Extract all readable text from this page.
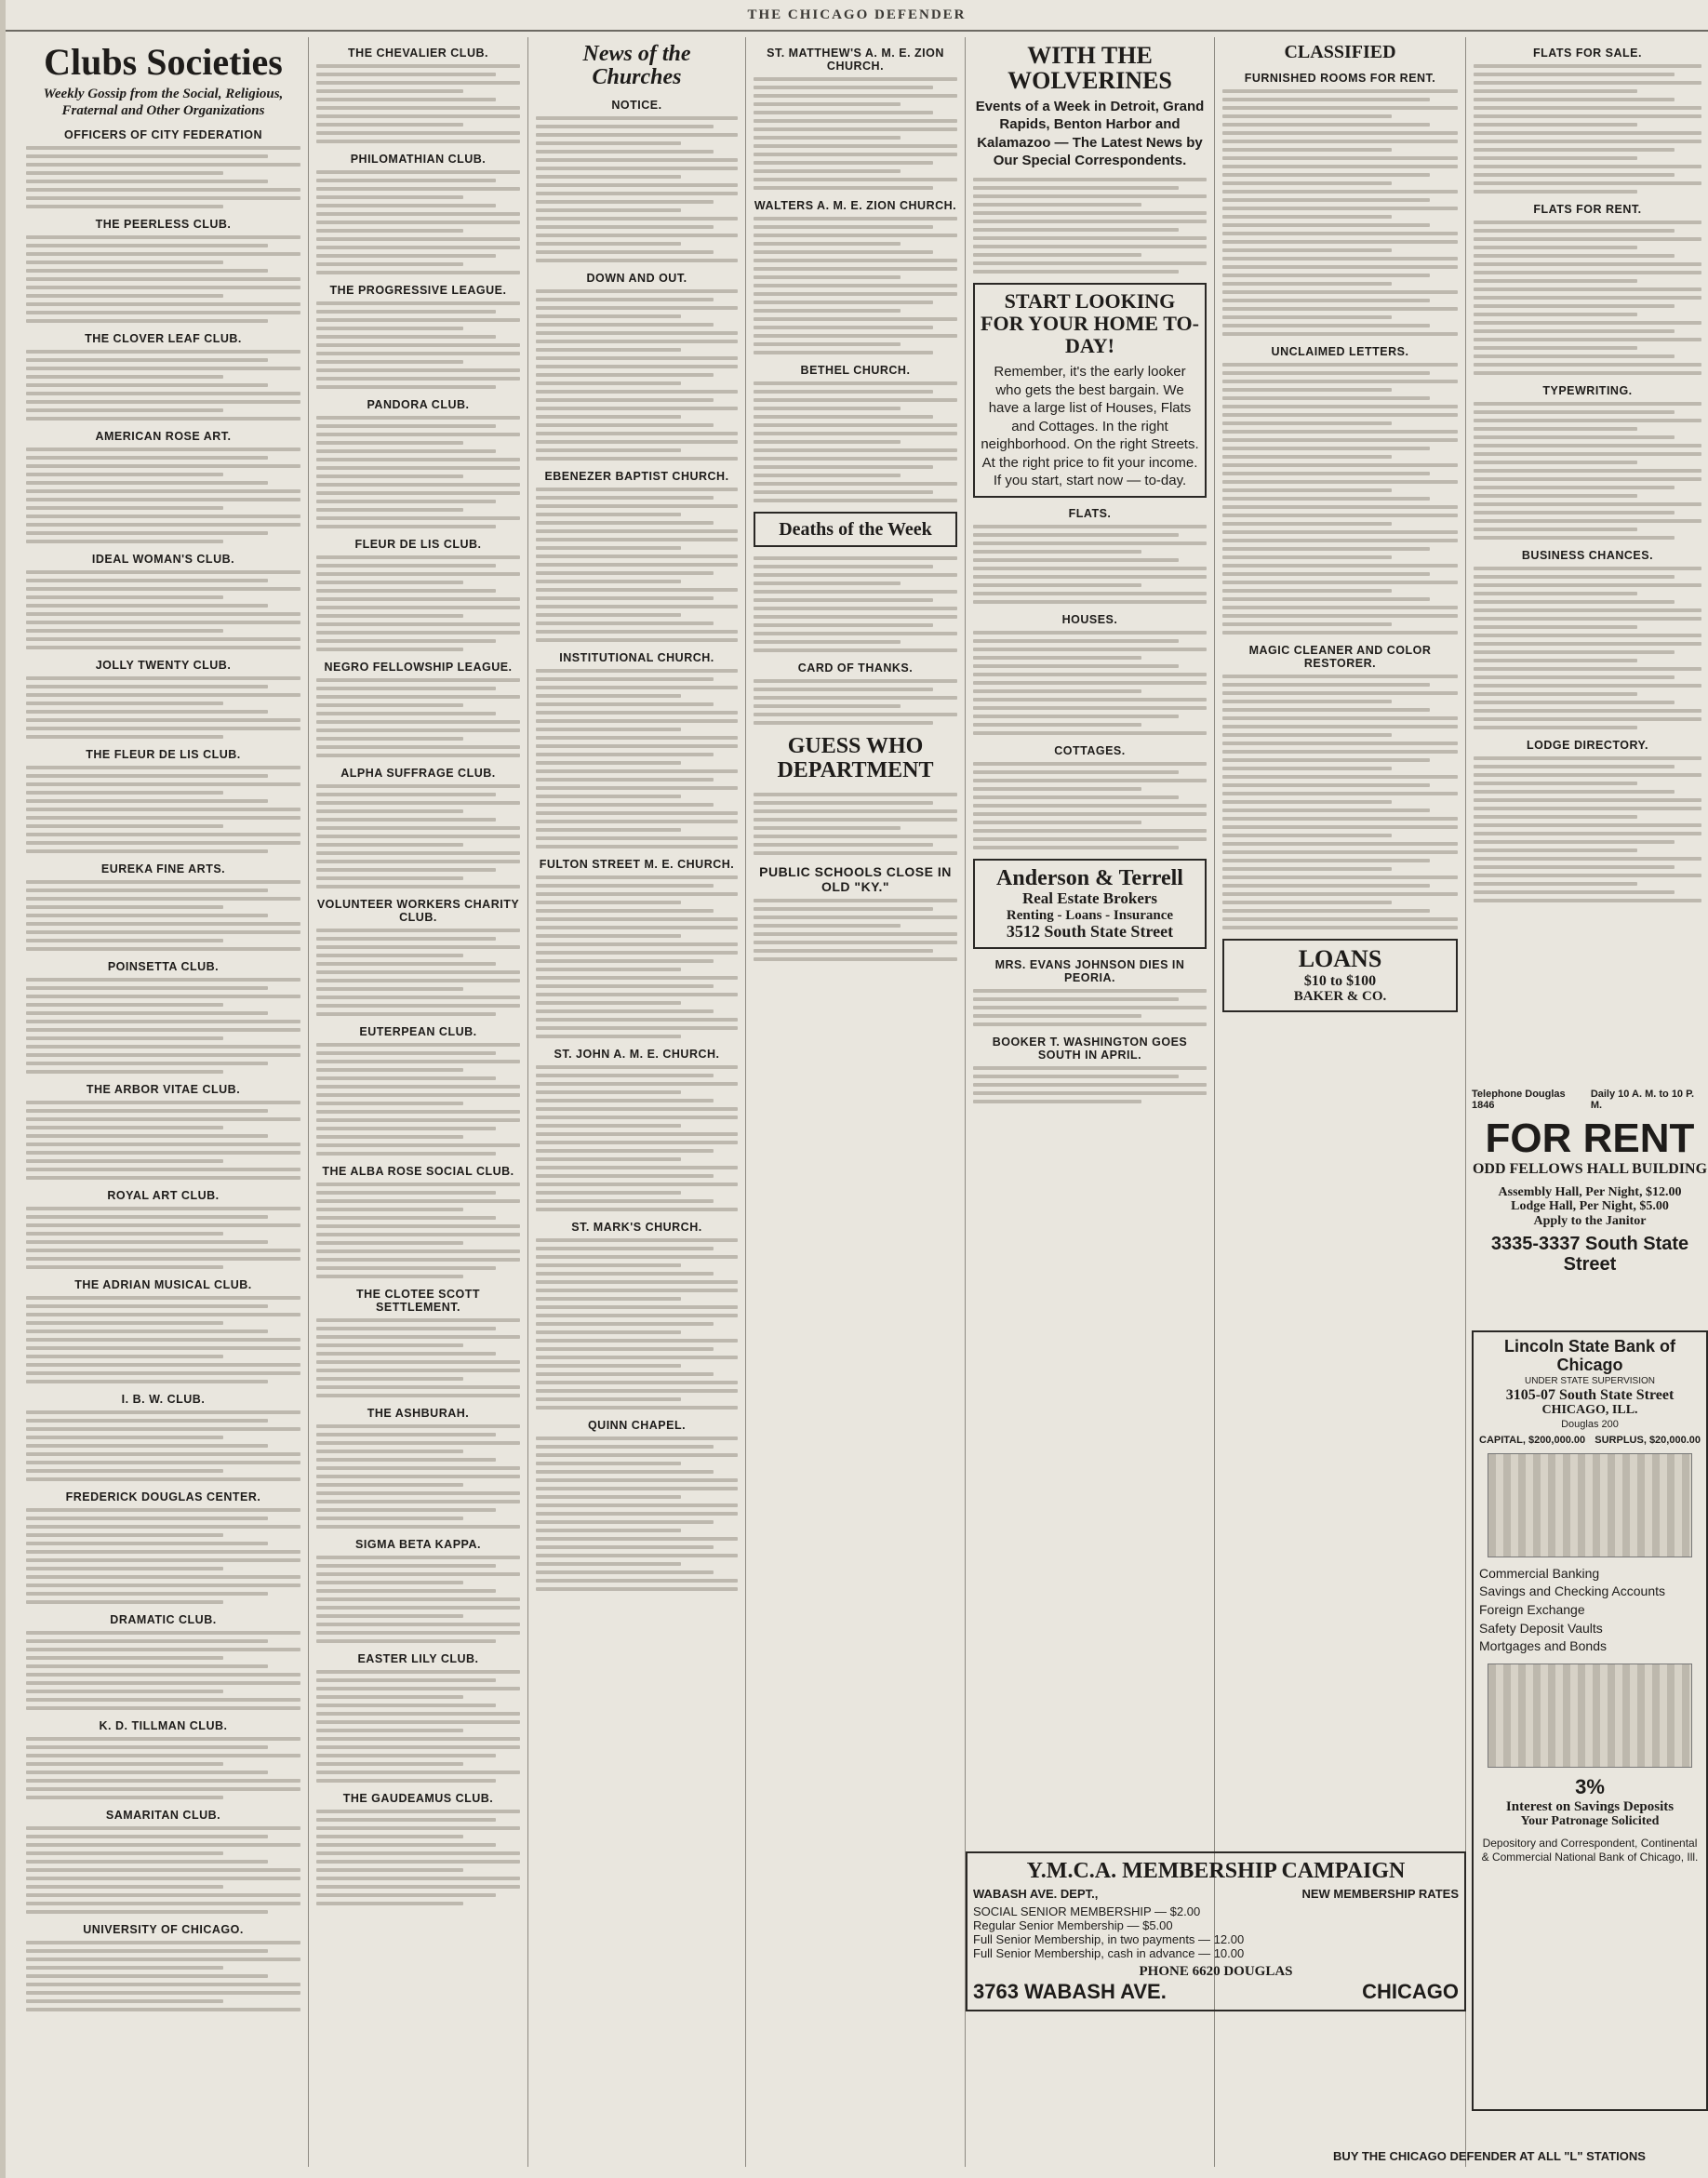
THE CHICAGO DEFENDER
Clubs Societies
Weekly Gossip from the Social, Religious, Fraternal and Other Organizations
OFFICERS OF CITY FEDERATION
THE PEERLESS CLUB.
THE CLOVER LEAF CLUB.
AMERICAN ROSE ART.
IDEAL WOMAN'S CLUB.
JOLLY TWENTY CLUB.
THE FLEUR DE LIS CLUB.
EUREKA FINE ARTS.
POINSETTA CLUB.
THE ARBOR VITAE CLUB.
ROYAL ART CLUB.
THE ADRIAN MUSICAL CLUB.
I. B. W. CLUB.
FREDERICK DOUGLAS CENTER.
DRAMATIC CLUB.
K. D. TILLMAN CLUB.
SAMARITAN CLUB.
UNIVERSITY OF CHICAGO.
THE CHEVALIER CLUB.
PHILOMATHIAN CLUB.
THE PROGRESSIVE LEAGUE.
PANDORA CLUB.
FLEUR DE LIS CLUB.
NEGRO FELLOWSHIP LEAGUE.
ALPHA SUFFRAGE CLUB.
VOLUNTEER WORKERS CHARITY CLUB.
EUTERPEAN CLUB.
THE ALBA ROSE SOCIAL CLUB.
THE CLOTEE SCOTT SETTLEMENT.
THE ASHBURAH.
SIGMA BETA KAPPA.
EASTER LILY CLUB.
THE GAUDEAMUS CLUB.
News of the Churches
NOTICE.
DOWN AND OUT.
EBENEZER BAPTIST CHURCH.
INSTITUTIONAL CHURCH.
FULTON STREET M. E. CHURCH.
ST. JOHN A. M. E. CHURCH.
ST. MARK'S CHURCH.
QUINN CHAPEL.
ST. MATTHEW'S A. M. E. ZION CHURCH.
WALTERS A. M. E. ZION CHURCH.
BETHEL CHURCH.
Deaths of the Week
CARD OF THANKS.
GUESS WHO DEPARTMENT
PUBLIC SCHOOLS CLOSE IN OLD "KY."
WITH THE WOLVERINES
Events of a Week in Detroit, Grand Rapids, Benton Harbor and Kalamazoo — The Latest News by Our Special Correspondents.
START LOOKING FOR YOUR HOME TO-DAY!
Remember, it's the early looker who gets the best bargain. We have a large list of Houses, Flats and Cottages. In the right neighborhood. On the right Streets. At the right price to fit your income. If you start, start now — to-day.
FLATS.
HOUSES.
COTTAGES.
Anderson & Terrell
Real Estate Brokers
Renting - Loans - Insurance
3512 South State Street
MRS. EVANS JOHNSON DIES IN PEORIA.
BOOKER T. WASHINGTON GOES SOUTH IN APRIL.
CLASSIFIED
FURNISHED ROOMS FOR RENT.
UNCLAIMED LETTERS.
MAGIC CLEANER AND COLOR RESTORER.
LOANS
$10 to $100
BAKER & CO.
FLATS FOR SALE.
FLATS FOR RENT.
TYPEWRITING.
BUSINESS CHANCES.
LODGE DIRECTORY.
Y.M.C.A. MEMBERSHIP CAMPAIGN
WABASH AVE. DEPT.,	NEW MEMBERSHIP RATES
SOCIAL SENIOR MEMBERSHIP — $2.00
Regular Senior Membership — $5.00
Full Senior Membership, in two payments — 12.00
Full Senior Membership, cash in advance — 10.00
PHONE 6620 DOUGLAS
3763 WABASH AVE.	CHICAGO
Telephone Douglas 1846
Daily 10 A. M. to 10 P. M.
FOR RENT
ODD FELLOWS HALL BUILDING
Assembly Hall, Per Night, $12.00
Lodge Hall, Per Night, $5.00
Apply to the Janitor
3335-3337 South State Street
Lincoln State Bank of Chicago
UNDER STATE SUPERVISION
3105-07 South State Street
CHICAGO, ILL.
Douglas 200
CAPITAL, $200,000.00 SURPLUS, $20,000.00
Commercial Banking
Savings and Checking Accounts
Foreign Exchange
Safety Deposit Vaults
Mortgages and Bonds
3%
Interest on Savings Deposits
Your Patronage Solicited
Depository and Correspondent, Continental & Commercial National Bank of Chicago, Ill.
BUY THE CHICAGO DEFENDER AT ALL "L" STATIONS
